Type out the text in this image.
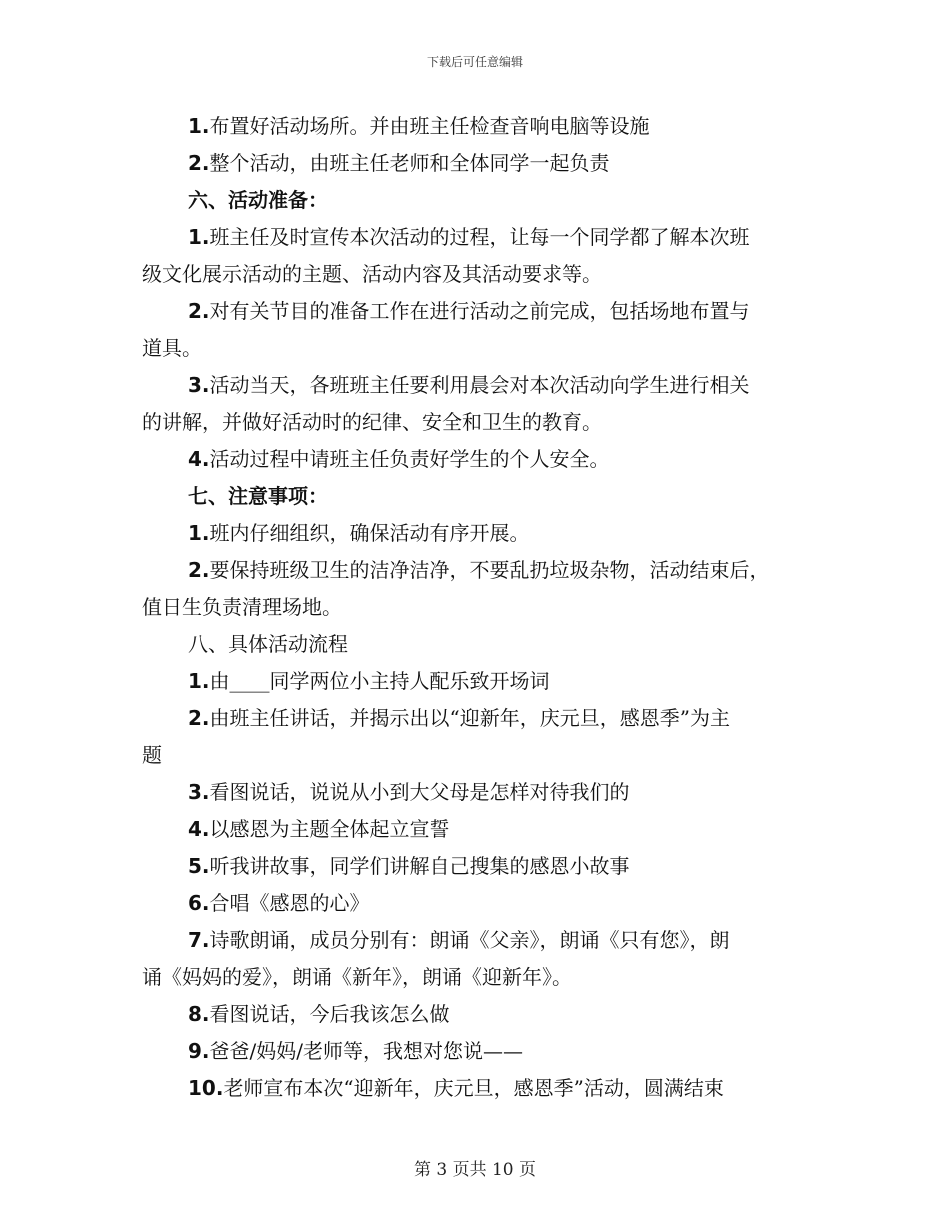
下载后可任意编辑
1.布置好活动场所。并由班主任检查音响电脑等设施
2.整个活动，由班主任老师和全体同学一起负责
六、活动准备：
1.班主任及时宣传本次活动的过程，让每一个同学都了解本次班
级文化展示活动的主题、活动内容及其活动要求等。
2.对有关节目的准备工作在进行活动之前完成，包括场地布置与
道具。
3.活动当天，各班班主任要利用晨会对本次活动向学生进行相关
的讲解，并做好活动时的纪律、安全和卫生的教育。
4.活动过程中请班主任负责好学生的个人安全。
七、注意事项：
1.班内仔细组织，确保活动有序开展。
2.要保持班级卫生的洁净洁净，不要乱扔垃圾杂物，活动结束后，
值日生负责清理场地。
八、具体活动流程
1.由____同学两位小主持人配乐致开场词
2.由班主任讲话，并揭示出以“迎新年，庆元旦，感恩季”为主
题
3.看图说话，说说从小到大父母是怎样对待我们的
4.以感恩为主题全体起立宣誓
5.听我讲故事，同学们讲解自己搜集的感恩小故事
6.合唱《感恩的心》
7.诗歌朗诵，成员分别有：朗诵《父亲》，朗诵《只有您》，朗
诵《妈妈的爱》，朗诵《新年》，朗诵《迎新年》。
8.看图说话，今后我该怎么做
9.爸爸/妈妈/老师等，我想对您说——
10.老师宣布本次“迎新年，庆元旦，感恩季”活动，圆满结束
第 3 页共 10 页
